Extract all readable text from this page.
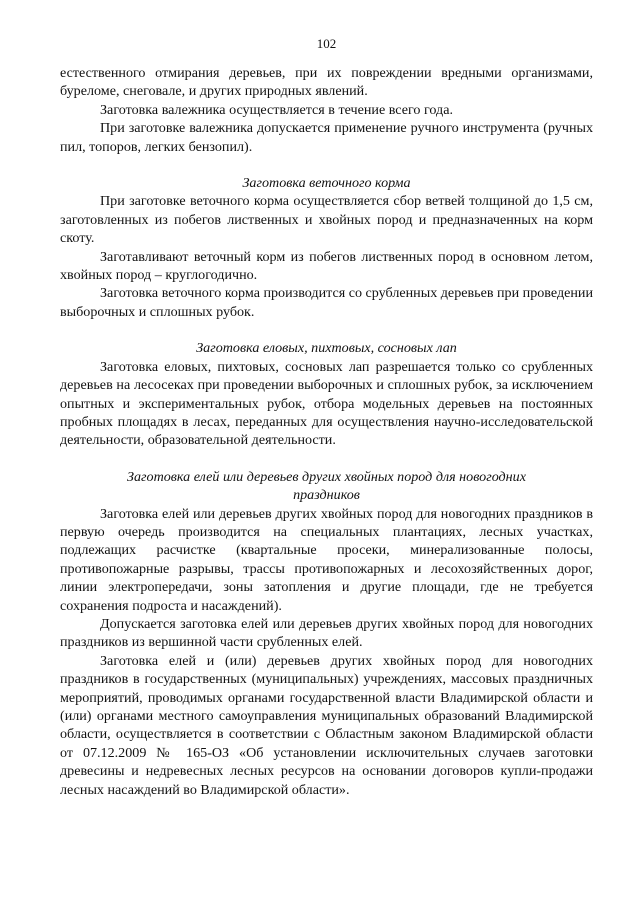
102

естественного отмирания деревьев, при их повреждении вредными организмами, буреломе, снеговале, и других природных явлений.

Заготовка валежника осуществляется в течение всего года.

При заготовке валежника допускается применение ручного инструмента (ручных пил, топоров, легких бензопил).

Заготовка веточного корма

При заготовке веточного корма осуществляется сбор ветвей толщиной до 1,5 см, заготовленных из побегов лиственных и хвойных пород и предназначенных на корм скоту.

Заготавливают веточный корм из побегов лиственных пород в основном летом, хвойных пород – круглогодично.

Заготовка веточного корма производится со срубленных деревьев при проведении выборочных и сплошных рубок.

Заготовка еловых, пихтовых, сосновых лап

Заготовка еловых, пихтовых, сосновых лап разрешается только со срубленных деревьев на лесосеках при проведении выборочных и сплошных рубок, за исключением опытных и экспериментальных рубок, отбора модельных деревьев на постоянных пробных площадях в лесах, переданных для осуществления научно-исследовательской деятельности, образовательной деятельности.

Заготовка елей или деревьев других хвойных пород для новогодних праздников

Заготовка елей или деревьев других хвойных пород для новогодних праздников в первую очередь производится на специальных плантациях, лесных участках, подлежащих расчистке (квартальные просеки, минерализованные полосы, противопожарные разрывы, трассы противопожарных и лесохозяйственных дорог, линии электропередачи, зоны затопления и другие площади, где не требуется сохранения подроста и насаждений).

Допускается заготовка елей или деревьев других хвойных пород для новогодних праздников из вершинной части срубленных елей.

Заготовка елей и (или) деревьев других хвойных пород для новогодних праздников в государственных (муниципальных) учреждениях, массовых праздничных мероприятий, проводимых органами государственной власти Владимирской области и (или) органами местного самоуправления муниципальных образований Владимирской области, осуществляется в соответствии с Областным законом Владимирской области от 07.12.2009 № 165-ОЗ «Об установлении исключительных случаев заготовки древесины и недревесных лесных ресурсов на основании договоров купли-продажи лесных насаждений во Владимирской области».
